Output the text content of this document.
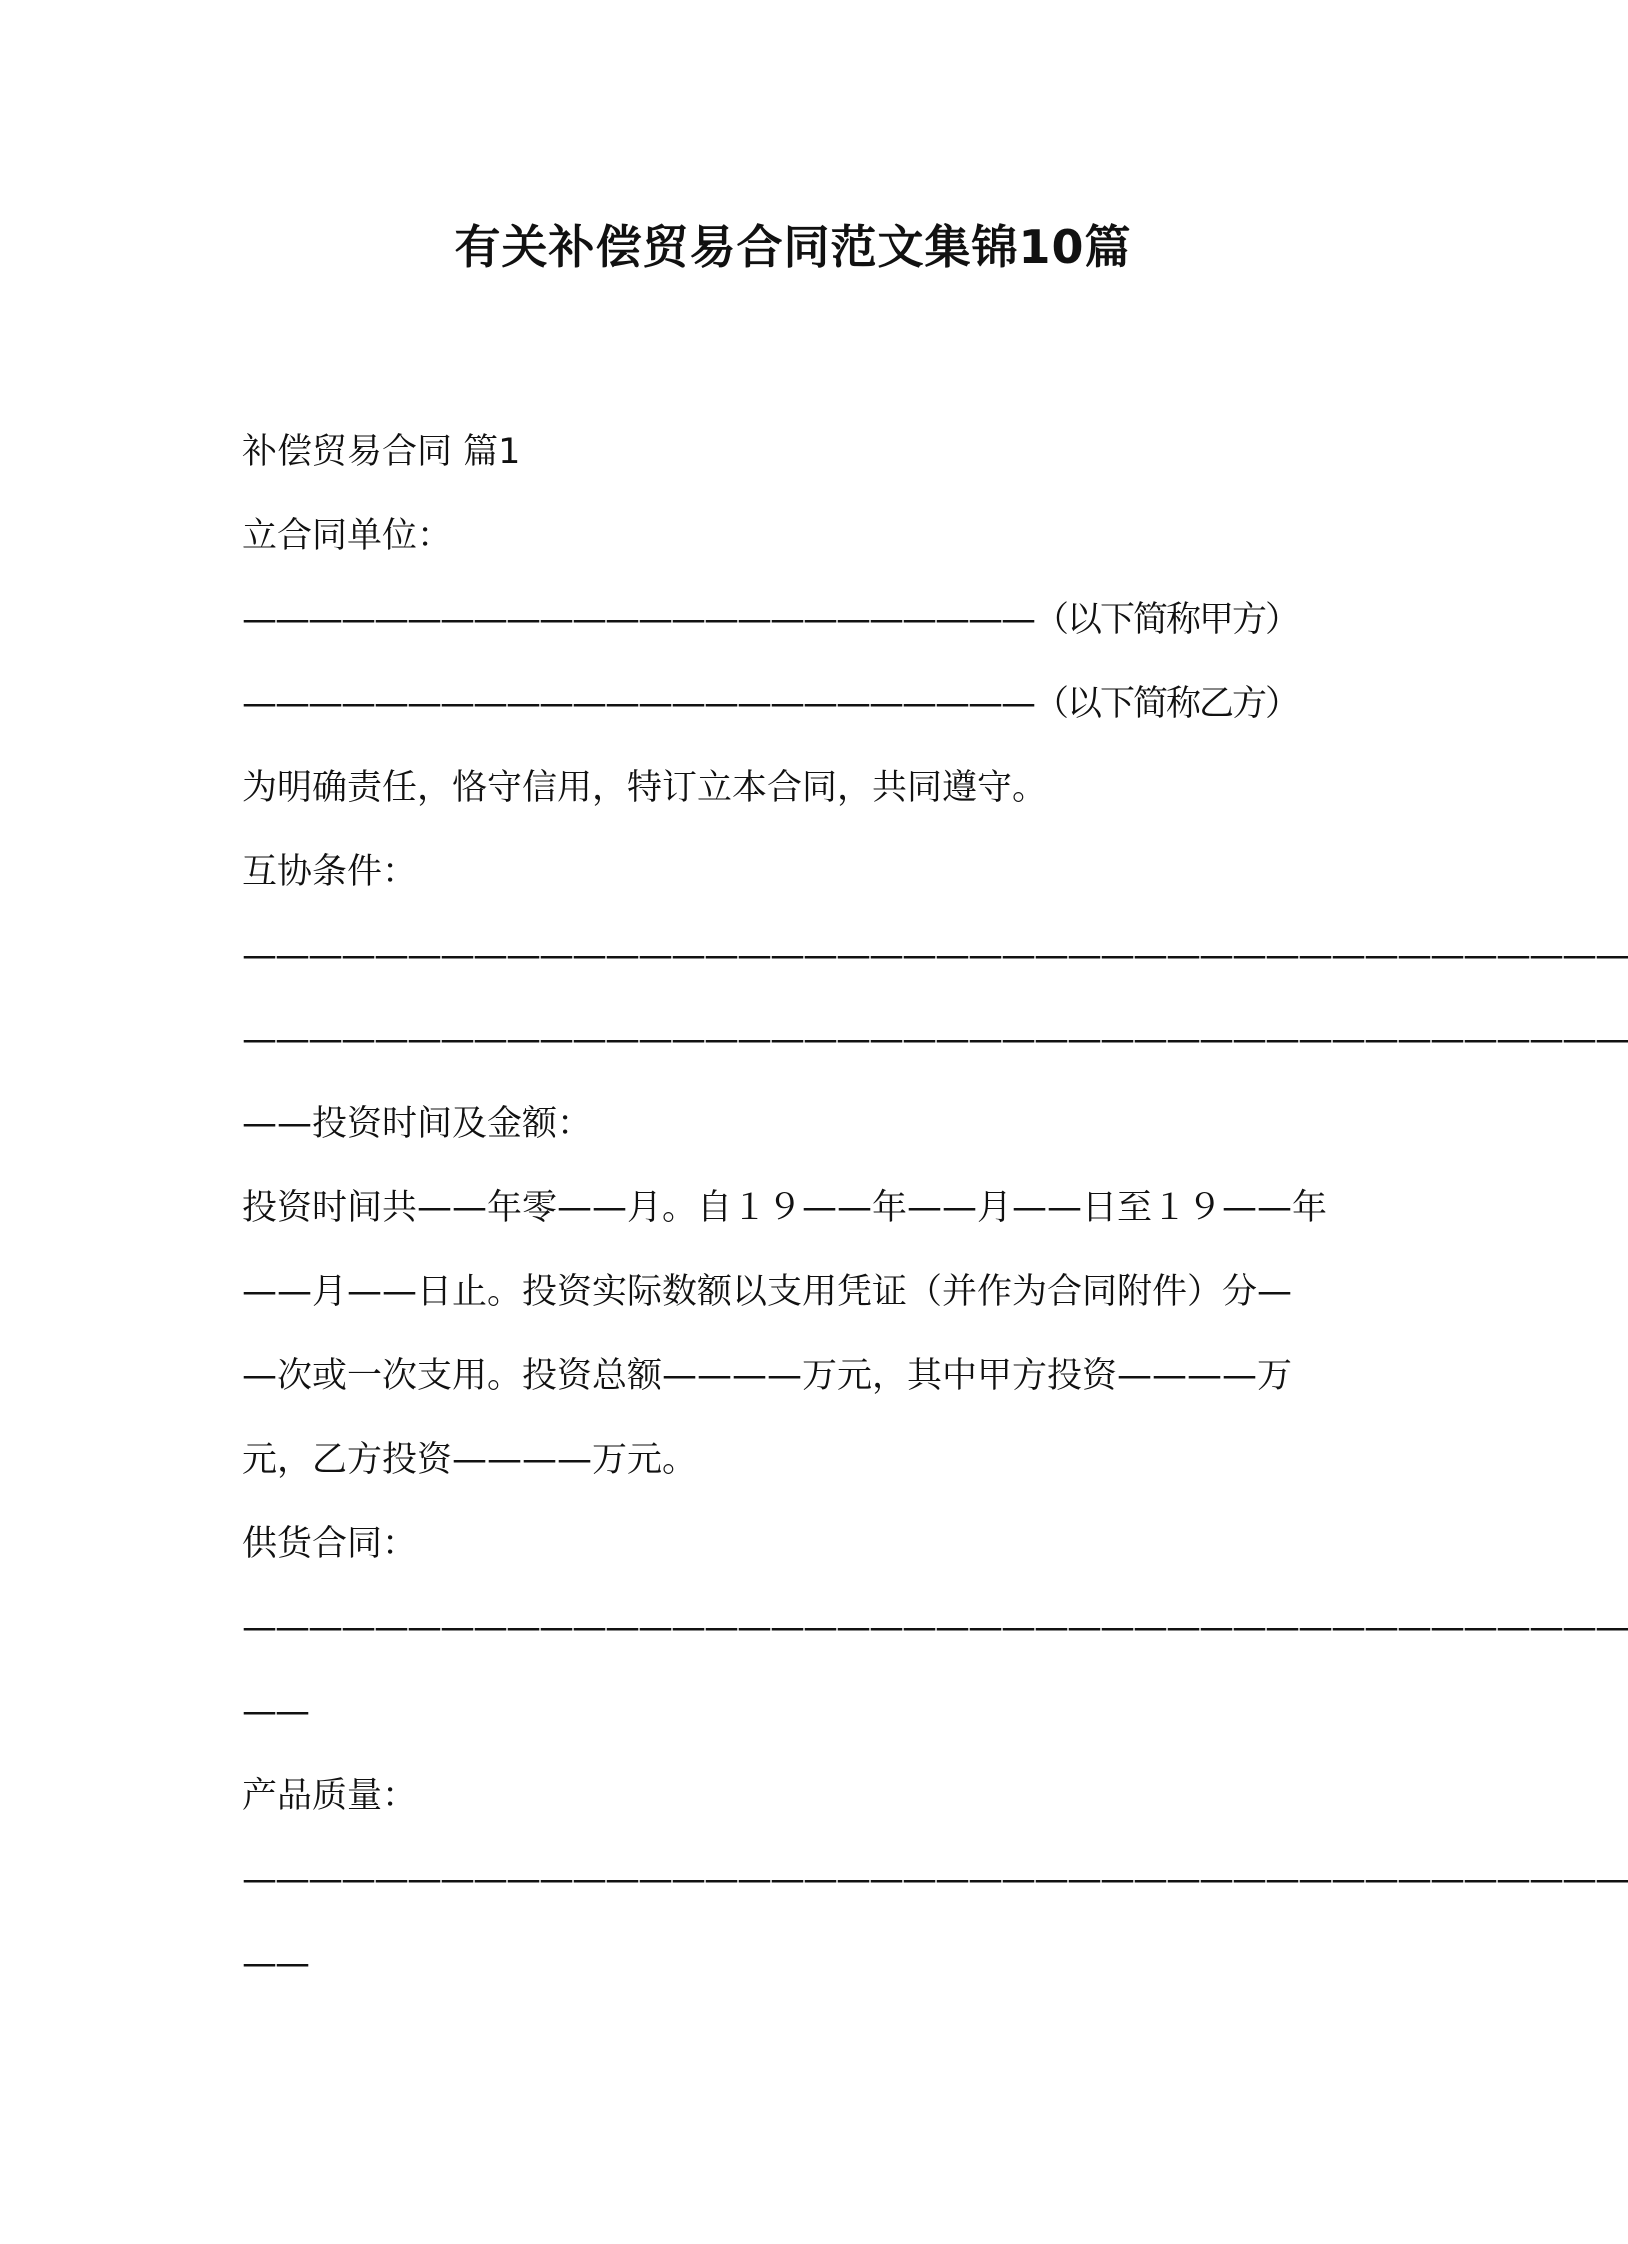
有关补偿贸易合同范文集锦10篇
补偿贸易合同 篇1
立合同单位：
————————————————————————（以下简称甲方）
————————————————————————（以下简称乙方）
为明确责任，恪守信用，特订立本合同，共同遵守。
互协条件：
——————————————————————————————————————————
——————————————————————————————————————————
——投资时间及金额：
投资时间共——年零——月。自１９——年——月——日至１９——年
——月——日止。投资实际数额以支用凭证（并作为合同附件）分—
—次或一次支用。投资总额————万元，其中甲方投资————万
元，乙方投资————万元。
供货合同：
——————————————————————————————————————————
——
产品质量：
——————————————————————————————————————————
——
